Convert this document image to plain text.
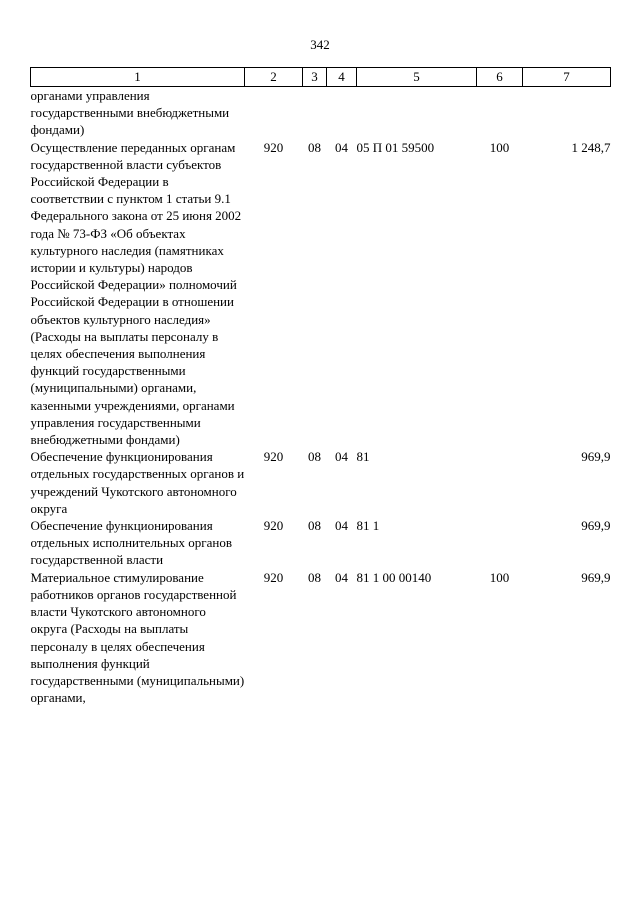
342
1	2	3	4	5	6	7
органами управления государственными внебюджетными фондами)						
Осуществление переданных органам государственной власти субъектов Российской Федерации в соответствии с пунктом 1 статьи 9.1 Федерального закона от 25 июня 2002 года № 73-ФЗ «Об объектах культурного наследия (памятниках истории и культуры) народов Российской Федерации» полномочий Российской Федерации в отношении объектов культурного наследия» (Расходы на выплаты персоналу в целях обеспечения выполнения функций государственными (муниципальными) органами, казенными учреждениями, органами управления государственными внебюджетными фондами)	920	08	04	05 П 01 59500	100	1 248,7
Обеспечение функционирования отдельных государственных органов и учреждений Чукотского автономного округа	920	08	04	81		969,9
Обеспечение функционирования отдельных исполнительных органов государственной власти	920	08	04	81 1		969,9
Материальное стимулирование работников органов государственной власти Чукотского автономного округа (Расходы на выплаты персоналу в целях обеспечения выполнения функций государственными (муниципальными) органами,	920	08	04	81 1 00 00140	100	969,9
